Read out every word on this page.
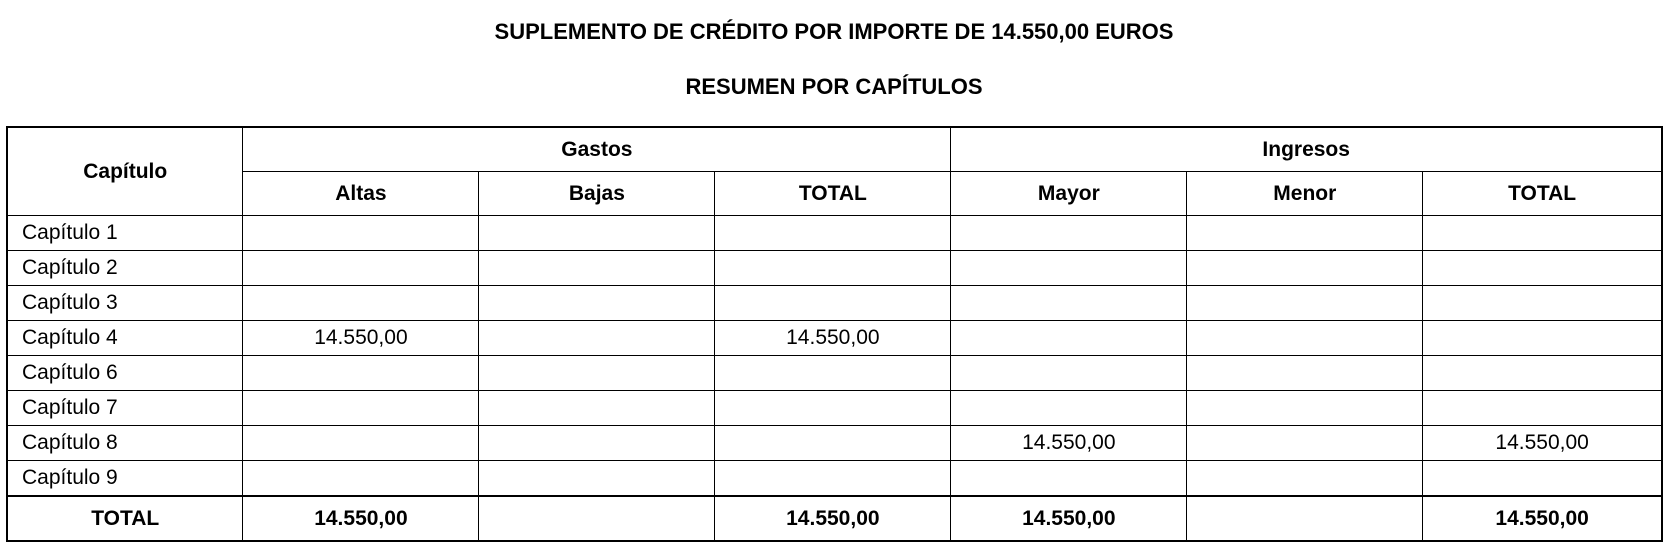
SUPLEMENTO DE CRÉDITO POR IMPORTE DE 14.550,00 EUROS
RESUMEN POR CAPÍTULOS
Capítulo	Gastos			Ingresos		
	Altas	Bajas	TOTAL	Mayor	Menor	TOTAL
Capítulo 1						
Capítulo 2						
Capítulo 3						
Capítulo 4	14.550,00		14.550,00			
Capítulo 6						
Capítulo 7						
Capítulo 8				14.550,00		14.550,00
Capítulo 9						
TOTAL	14.550,00		14.550,00	14.550,00		14.550,00
